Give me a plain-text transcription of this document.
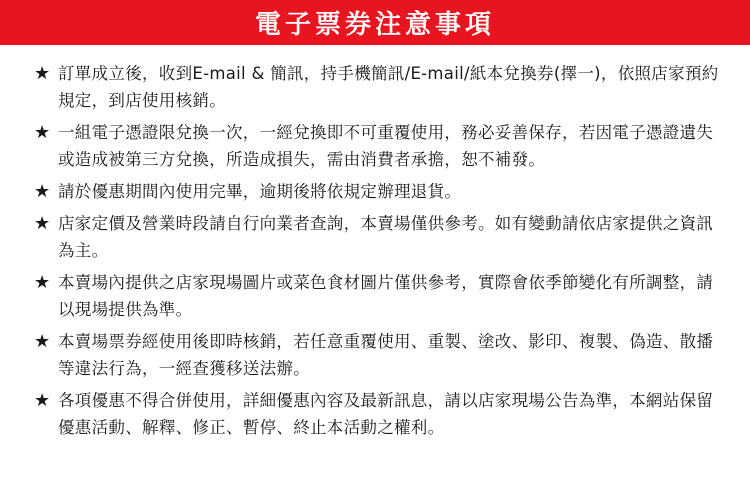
電子票券注意事項
★ 訂單成立後，收到E-mail & 簡訊，持手機簡訊/E-mail/紙本兌換券(擇一)，依照店家預約規定，到店使用核銷。
★ 一組電子憑證限兌換一次，一經兌換即不可重覆使用，務必妥善保存，若因電子憑證遺失或造成被第三方兌換，所造成損失，需由消費者承擔，恕不補發。
★ 請於優惠期間內使用完畢，逾期後將依規定辦理退貨。
★ 店家定價及營業時段請自行向業者查詢，本賣場僅供參考。如有變動請依店家提供之資訊為主。
★ 本賣場內提供之店家現場圖片或菜色食材圖片僅供參考，實際會依季節變化有所調整，請以現場提供為準。
★ 本賣場票券經使用後即時核銷，若任意重覆使用、重製、塗改、影印、複製、偽造、散播等違法行為，一經查獲移送法辦。
★ 各項優惠不得合併使用，詳細優惠內容及最新訊息，請以店家現場公告為準，本網站保留優惠活動、解釋、修正、暫停、終止本活動之權利。
